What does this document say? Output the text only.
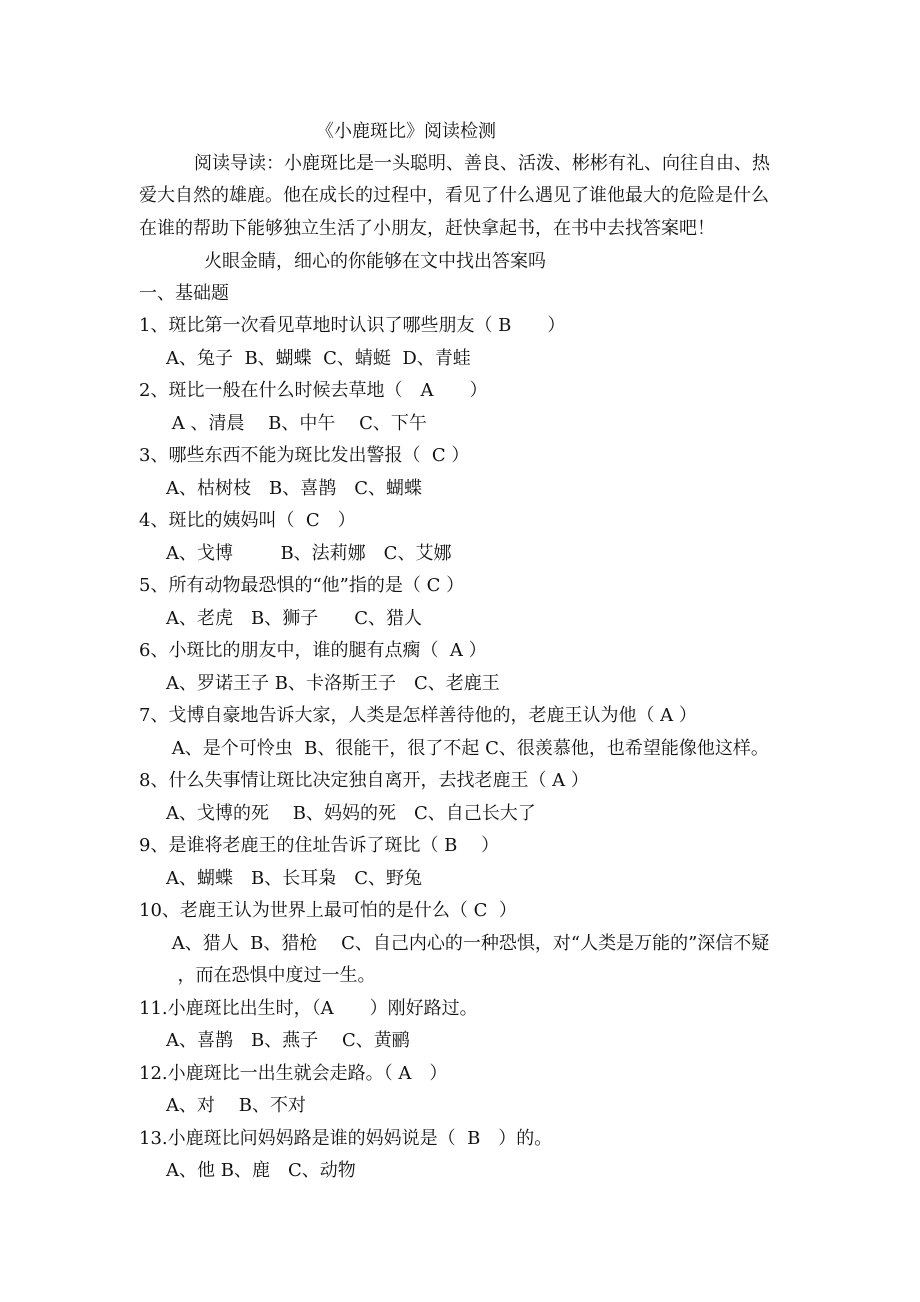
《小鹿斑比》阅读检测
阅读导读：小鹿斑比是一头聪明、善良、活泼、彬彬有礼、向往自由、热
爱大自然的雄鹿。他在成长的过程中，看见了什么遇见了谁他最大的危险是什么
在谁的帮助下能够独立生活了小朋友，赶快拿起书，在书中去找答案吧！
火眼金睛，细心的你能够在文中找出答案吗
一、基础题
1、斑比第一次看见草地时认识了哪些朋友（ B　　）
A、兔子  B、蝴蝶  C、蜻蜓  D、青蛙
2、斑比一般在什么时候去草地（　A　　）
A 、清晨　 B、中午　 C、下午
3、哪些东西不能为斑比发出警报（  C ）
A、枯树枝　B、喜鹊　C、蝴蝶
4、斑比的姨妈叫（  C　）
A、戈博　　  B、法莉娜　C、艾娜
5、所有动物最恐惧的“他”指的是（ C ）
A、老虎　B、狮子　　C、猎人
6、小斑比的朋友中，谁的腿有点瘸（  A ）
A、罗诺王子 B、卡洛斯王子　C、老鹿王
7、戈博自豪地告诉大家，人类是怎样善待他的，老鹿王认为他（ A ）
A、是个可怜虫  B、很能干，很了不起 C、很羡慕他，也希望能像他这样。
8、什么失事情让斑比决定独自离开，去找老鹿王（ A ）
A、戈博的死　 B、妈妈的死　C、自己长大了
9、是谁将老鹿王的住址告诉了斑比（ B　 ）
A、蝴蝶　B、长耳枭　C、野兔
10、老鹿王认为世界上最可怕的是什么（ C  ）
A、猎人  B、猎枪　 C、自己内心的一种恐惧，对“人类是万能的”深信不疑
，而在恐惧中度过一生。
11.小鹿斑比出生时，（A　　）刚好路过。
A、喜鹊　B、燕子　 C、黄鹂
12.小鹿斑比一出生就会走路。（ A　）
A、对　 B、不对
13.小鹿斑比问妈妈路是谁的妈妈说是（  B　）的。
A、他 B、鹿　C、动物
